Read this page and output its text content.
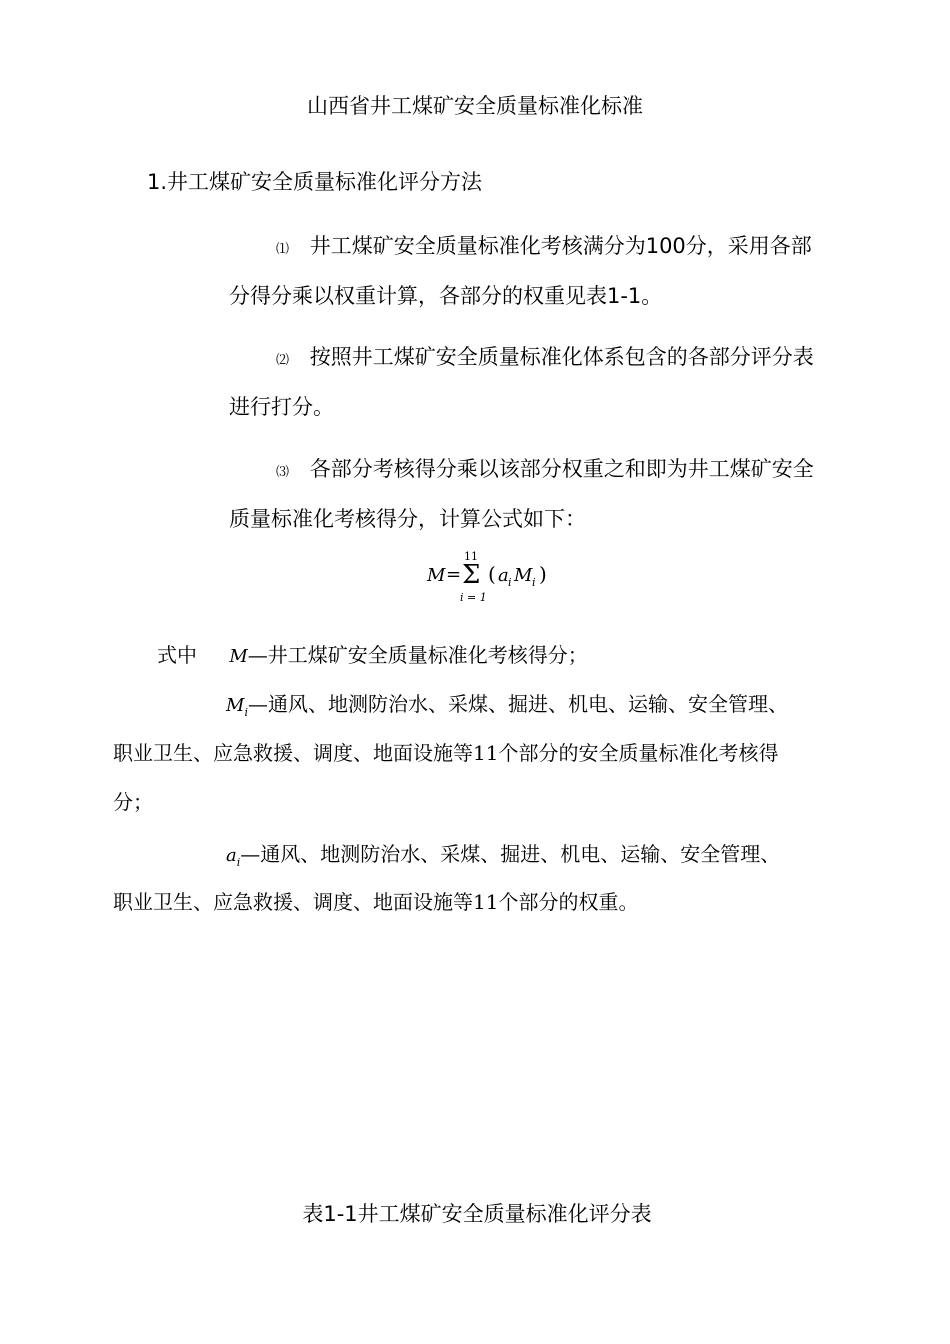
山西省井工煤矿安全质量标准化标准
1.井工煤矿安全质量标准化评分方法
⑴ 井工煤矿安全质量标准化考核满分为100分，采用各部
分得分乘以权重计算，各部分的权重见表1-1。
⑵ 按照井工煤矿安全质量标准化体系包含的各部分评分表
进行打分。
⑶ 各部分考核得分乘以该部分权重之和即为井工煤矿安全
质量标准化考核得分，计算公式如下：
M =
11
Σ
i = 1
( a i M i )
式中 M—井工煤矿安全质量标准化考核得分；
$M_i—$通风、地测防治水、采煤、掘进、机电、运输、安全管理、
职业卫生、应急救援、调度、地面设施等11个部分的安全质量标准化考核得
分；
$a_i—$通风、地测防治水、采煤、掘进、机电、运输、安全管理、
职业卫生、应急救援、调度、地面设施等11个部分的权重。
表1-1井工煤矿安全质量标准化评分表
